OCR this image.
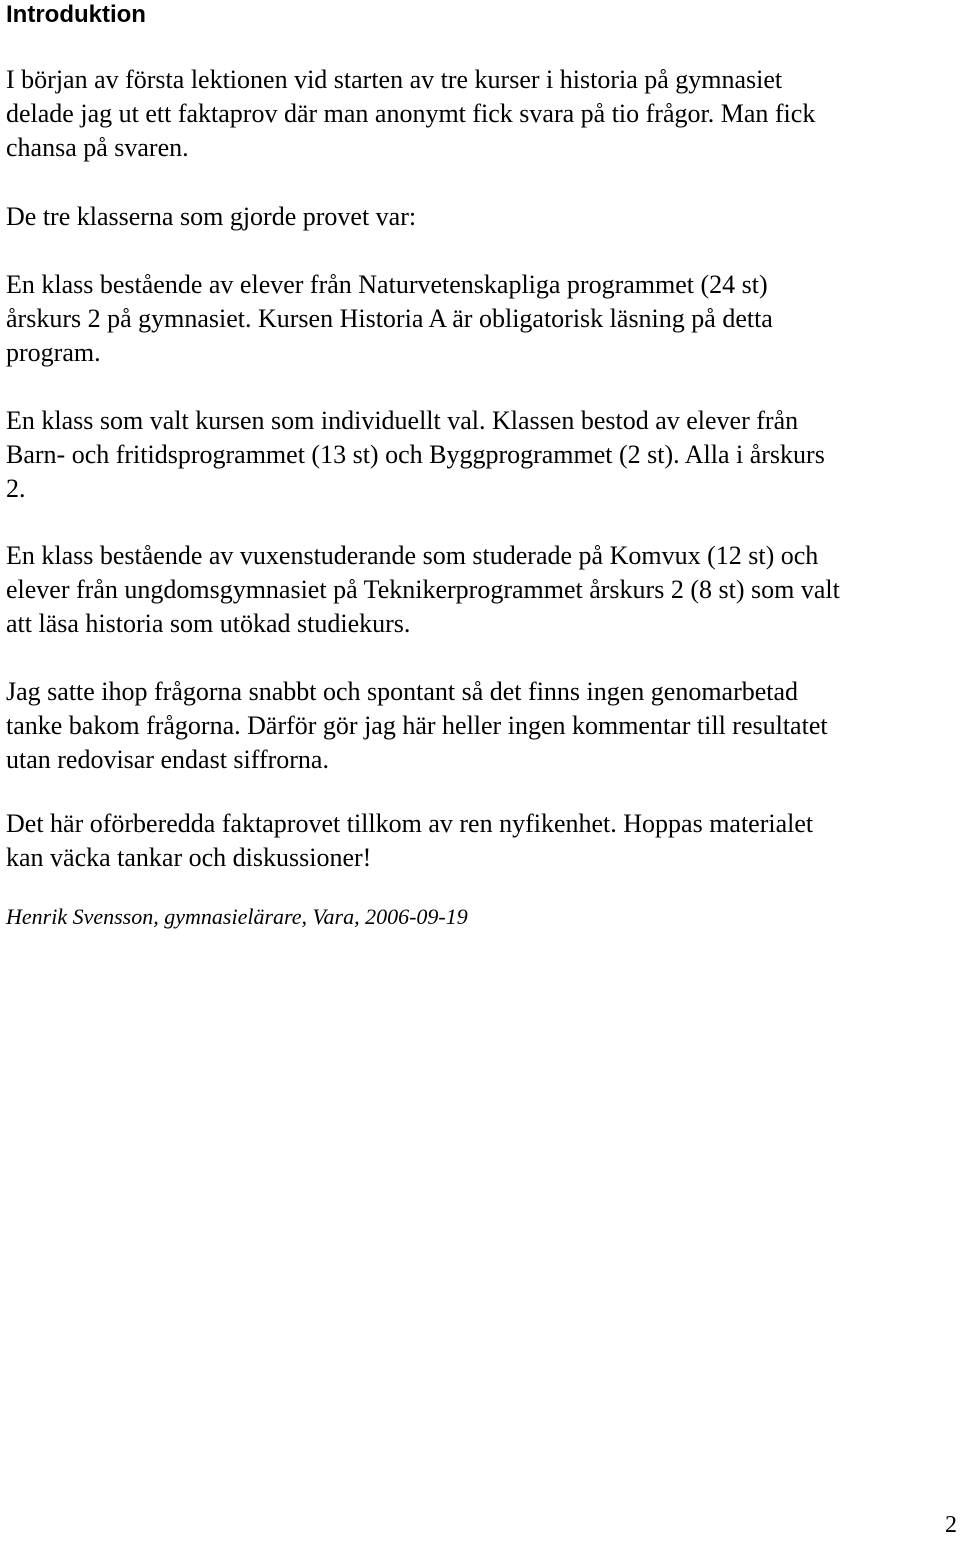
Introduktion
I början av första lektionen vid starten av tre kurser i historia på gymnasiet
delade jag ut ett faktaprov där man anonymt fick svara på tio frågor. Man fick
chansa på svaren.
De tre klasserna som gjorde provet var:
En klass bestående av elever från Naturvetenskapliga programmet (24 st)
årskurs 2 på gymnasiet. Kursen Historia A är obligatorisk läsning på detta
program.
En klass som valt kursen som individuellt val. Klassen bestod av elever från
Barn- och fritidsprogrammet (13 st) och Byggprogrammet (2 st). Alla i årskurs
2.
En klass bestående av vuxenstuderande som studerade på Komvux (12 st) och
elever från ungdomsgymnasiet på Teknikerprogrammet årskurs 2 (8 st) som valt
att läsa historia som utökad studiekurs.
Jag satte ihop frågorna snabbt och spontant så det finns ingen genomarbetad
tanke bakom frågorna. Därför gör jag här heller ingen kommentar till resultatet
utan redovisar endast siffrorna.
Det här oförberedda faktaprovet tillkom av ren nyfikenhet. Hoppas materialet
kan väcka tankar och diskussioner!

Henrik Svensson, gymnasielärare, Vara, 2006-09-19

2
